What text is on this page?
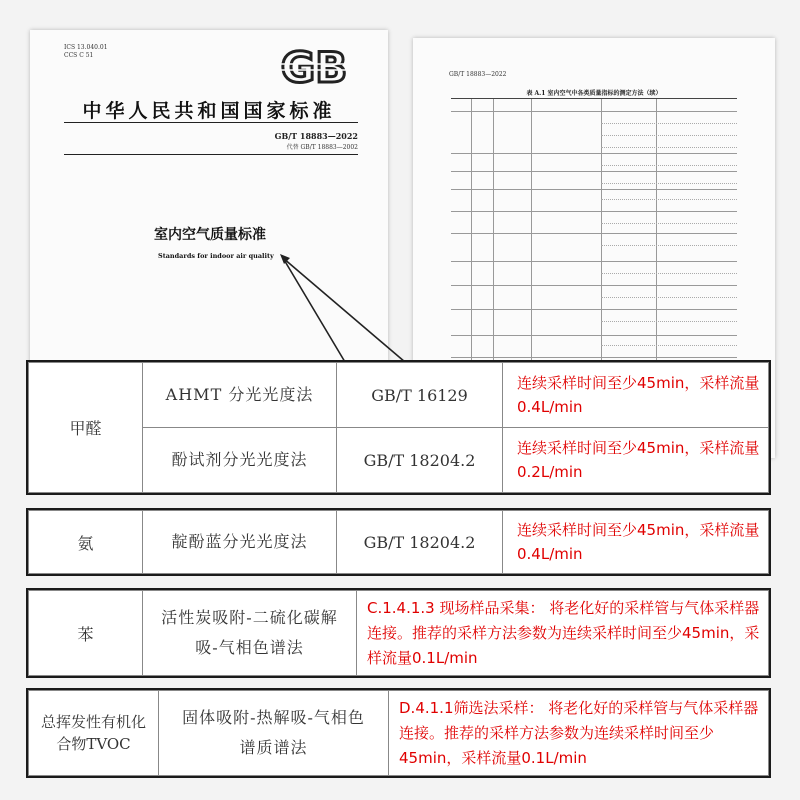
ICS 13.040.01
CCS C 51	GB
中华人民共和国国家标准
GB/T 18883—2022
代替 GB/T 18883—2002
室内空气质量标准
Standards for indoor air quality
GB/T 18883—2022
表 A.1 室内空气中各类质量指标的测定方法（续）
甲醛	AHMT 分光光度法	GB/T 16129	连续采样时间至少45min，采样流量0.4L/min
	酚试剂分光光度法	GB/T 18204.2	连续采样时间至少45min，采样流量0.2L/min
氨	靛酚蓝分光光度法	GB/T 18204.2	连续采样时间至少45min，采样流量0.4L/min
苯	活性炭吸附-二硫化碳解吸-气相色谱法	C.1.4.1.3 现场样品采集： 将老化好的采样管与气体采样器连接。推荐的采样方法参数为连续采样时间至少45min，采样流量0.1L/min
总挥发性有机化合物TVOC	固体吸附-热解吸-气相色谱质谱法	D.4.1.1筛选法采样： 将老化好的采样管与气体采样器连接。推荐的采样方法参数为连续采样时间至少45min，采样流量0.1L/min
